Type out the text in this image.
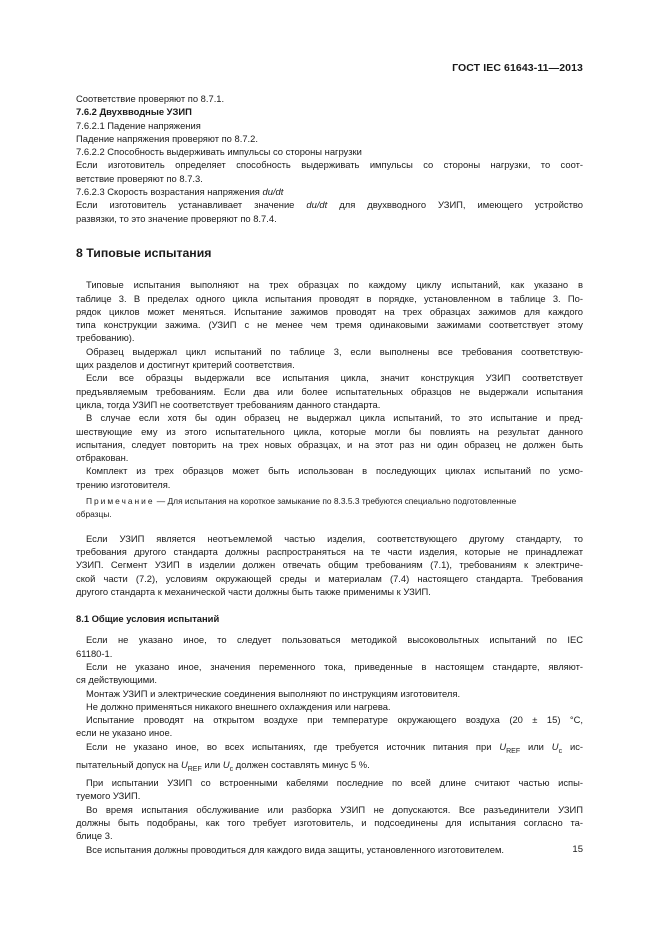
ГОСТ IEC 61643-11—2013
Соответствие проверяют по 8.7.1.
7.6.2 Двухвводные УЗИП
7.6.2.1 Падение напряжения
Падение напряжения проверяют по 8.7.2.
7.6.2.2 Способность выдерживать импульсы со стороны нагрузки
Если изготовитель определяет способность выдерживать импульсы со стороны нагрузки, то соот-
ветствие проверяют по 8.7.3.
7.6.2.3 Скорость возрастания напряжения du/dt
Если изготовитель устанавливает значение du/dt для двухвводного УЗИП, имеющего устройство
развязки, то это значение проверяют по 8.7.4.
8 Типовые испытания
Типовые испытания выполняют на трех образцах по каждому циклу испытаний, как указано в
таблице 3. В пределах одного цикла испытания проводят в порядке, установленном в таблице 3. По-
рядок циклов может меняться. Испытание зажимов проводят на трех образцах зажимов для каждого
типа конструкции зажима. (УЗИП с не менее чем тремя одинаковыми зажимами соответствует этому
требованию).
Образец выдержал цикл испытаний по таблице 3, если выполнены все требования соответствую-
щих разделов и достигнут критерий соответствия.
Если все образцы выдержали все испытания цикла, значит конструкция УЗИП соответствует
предъявляемым требованиям. Если два или более испытательных образцов не выдержали испытания
цикла, тогда УЗИП не соответствует требованиям данного стандарта.
В случае если хотя бы один образец не выдержал цикла испытаний, то это испытание и пред-
шествующие ему из этого испытательного цикла, которые могли бы повлиять на результат данного
испытания, следует повторить на трех новых образцах, и на этот раз ни один образец не должен быть
отбракован.
Комплект из трех образцов может быть использован в последующих циклах испытаний по усмо-
трению изготовителя.
Примечание — Для испытания на короткое замыкание по 8.3.5.3 требуются специально подготовленные
образцы.
Если УЗИП является неотъемлемой частью изделия, соответствующего другому стандарту, то
требования другого стандарта должны распространяться на те части изделия, которые не принадлежат
УЗИП. Сегмент УЗИП в изделии должен отвечать общим требованиям (7.1), требованиям к электриче-
ской части (7.2), условиям окружающей среды и материалам (7.4) настоящего стандарта. Требования
другого стандарта к механической части должны быть также применимы к УЗИП.
8.1 Общие условия испытаний
Если не указано иное, то следует пользоваться методикой высоковольтных испытаний по IEC
61180-1.
Если не указано иное, значения переменного тока, приведенные в настоящем стандарте, являют-
ся действующими.
Монтаж УЗИП и электрические соединения выполняют по инструкциям изготовителя.
Не должно применяться никакого внешнего охлаждения или нагрева.
Испытание проводят на открытом воздухе при температуре окружающего воздуха (20 ± 15) °С,
если не указано иное.
Если не указано иное, во всех испытаниях, где требуется источник питания при $U_{REF}$ или $U_c$ ис-
пытательный допуск на $U_{REF}$ или $U_c$ должен составлять минус 5 %.
При испытании УЗИП со встроенными кабелями последние по всей длине считают частью испы-
туемого УЗИП.
Во время испытания обслуживание или разборка УЗИП не допускаются. Все разъединители УЗИП
должны быть подобраны, как того требует изготовитель, и подсоединены для испытания согласно та-
блице 3.
Все испытания должны проводиться для каждого вида защиты, установленного изготовителем.	15
